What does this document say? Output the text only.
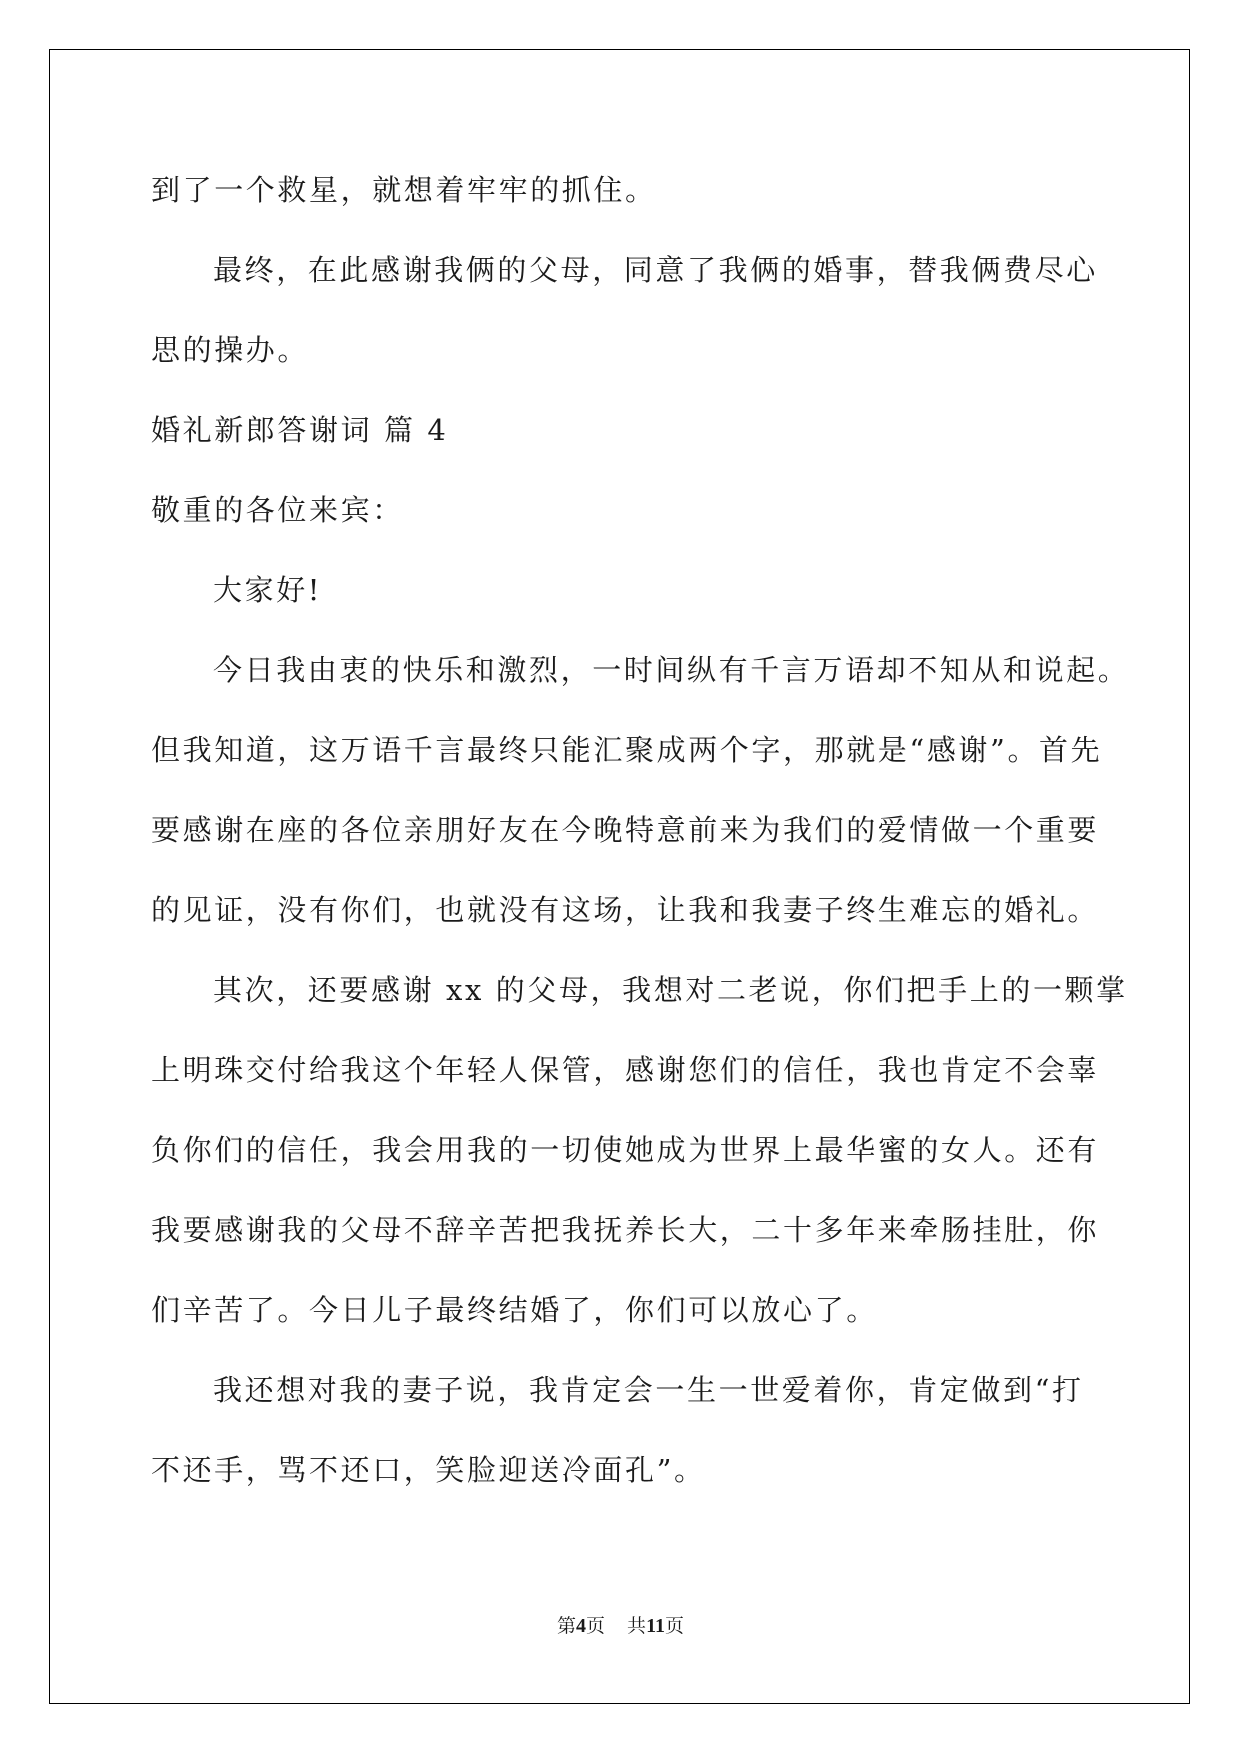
到了一个救星，就想着牢牢的抓住。
最终，在此感谢我俩的父母，同意了我俩的婚事，替我俩费尽心
思的操办。
婚礼新郎答谢词 篇 4
敬重的各位来宾：
大家好!
今日我由衷的快乐和激烈，一时间纵有千言万语却不知从和说起。
但我知道，这万语千言最终只能汇聚成两个字，那就是“感谢”。首先
要感谢在座的各位亲朋好友在今晚特意前来为我们的爱情做一个重要
的见证，没有你们，也就没有这场，让我和我妻子终生难忘的婚礼。
其次，还要感谢 xx 的父母，我想对二老说，你们把手上的一颗掌
上明珠交付给我这个年轻人保管，感谢您们的信任，我也肯定不会辜
负你们的信任，我会用我的一切使她成为世界上最华蜜的女人。还有
我要感谢我的父母不辞辛苦把我抚养长大，二十多年来牵肠挂肚，你
们辛苦了。今日儿子最终结婚了，你们可以放心了。
我还想对我的妻子说，我肯定会一生一世爱着你，肯定做到“打
不还手，骂不还口，笑脸迎送冷面孔”。
第4页 共11页
